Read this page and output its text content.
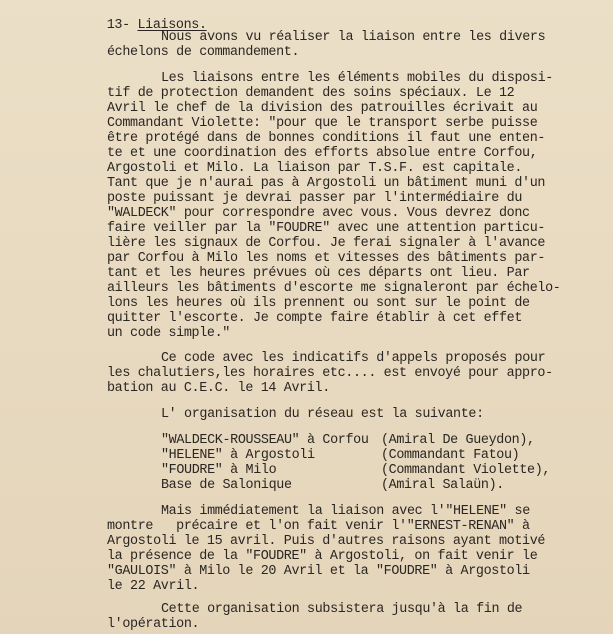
13- Liaisons.

Nous avons vu réaliser la liaison entre les divers
échelons de commandement.
Les liaisons entre les éléments mobiles du disposi-
tif de protection demandent des soins spéciaux. Le 12
Avril le chef de la division des patrouilles écrivait au
Commandant Violette: "pour que le transport serbe puisse
être protégé dans de bonnes conditions il faut une enten-
te et une coordination des efforts absolue entre Corfou,
Argostoli et Milo. La liaison par T.S.F. est capitale.
Tant que je n'aurai pas à Argostoli un bâtiment muni d'un
poste puissant je devrai passer par l'intermédiaire du
"WALDECK" pour correspondre avec vous. Vous devrez donc
faire veiller par la "FOUDRE" avec une attention particu-
lière les signaux de Corfou. Je ferai signaler à l'avance
par Corfou à Milo les noms et vitesses des bâtiments par-
tant et les heures prévues où ces départs ont lieu. Par
ailleurs les bâtiments d'escorte me signaleront par échelo-
lons les heures où ils prennent ou sont sur le point de
quitter l'escorte. Je compte faire établir à cet effet
un code simple."
Ce code avec les indicatifs d'appels proposés pour
les chalutiers,les horaires etc.... est envoyé pour appro-
bation au C.E.C. le 14 Avril.
L' organisation du réseau est la suivante:
"WALDECK-ROUSSEAU" à Corfou (Amiral De Gueydon),
"HELENE" à Argostoli	(Commandant Fatou)
"FOUDRE" à Milo	(Commandant Violette),
Base de Salonique	(Amiral Salaün).
Mais immédiatement la liaison avec l'"HELENE" se
montre   précaire et l'on fait venir l'"ERNEST-RENAN" à
Argostoli le 15 avril. Puis d'autres raisons ayant motivé
la présence de la "FOUDRE" à Argostoli, on fait venir le
"GAULOIS" à Milo le 20 Avril et la "FOUDRE" à Argostoli
le 22 Avril.
Cette organisation subsistera jusqu'à la fin de
l'opération.
